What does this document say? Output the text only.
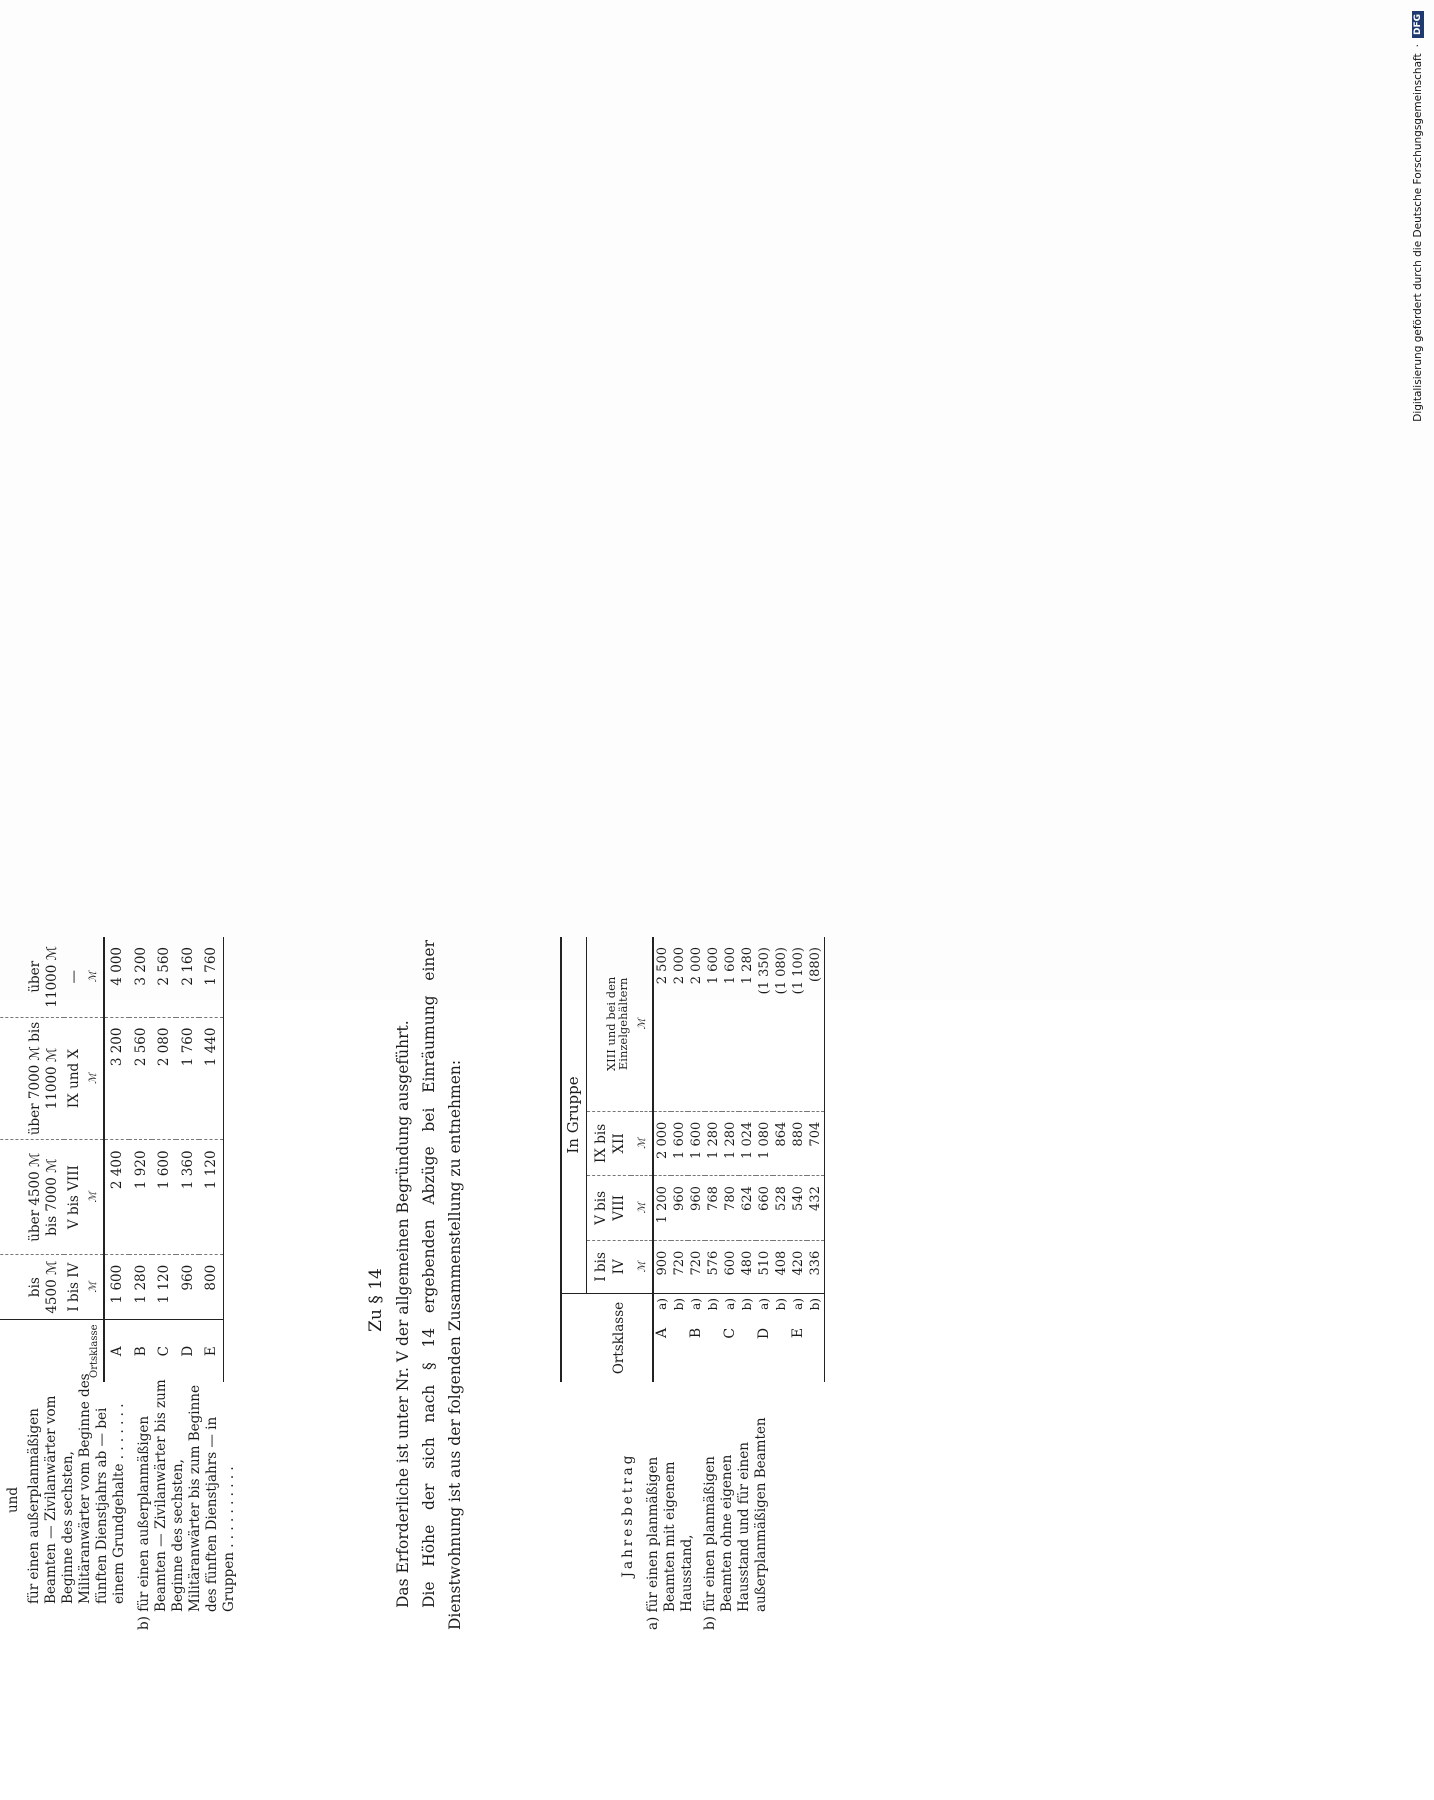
und für einen außerplanmäßigen Beamten — Zivilanwärter vom Beginne des sechsten, Militäranwärter vom Beginne des fünften Dienstjahrs ab — bei einem Grundgehalte . . . . . . .
b) für einen außerplanmäßigen Beamten — Zivilanwärter bis zum Beginne des sechsten, Militäranwärter bis zum Beginne des fünften Dienstjahrs — in Gruppen . . . . . . . . . .
	bis 4500 ℳ	über 4500 ℳ bis 7000 ℳ	über 7000 ℳ bis 11000 ℳ	über 11000 ℳ
Ortsklasse	I bis IV ℳ	V bis VIII ℳ	IX und X ℳ	— ℳ
A	1 600	2 400	3 200	4 000
B	1 280	1 920	2 560	3 200
C	1 120	1 600	2 080	2 560
D	960	1 360	1 760	2 160
E	800	1 120	1 440	1 760
Zu § 14 Das Erforderliche ist unter Nr. V der allgemeinen Begründung ausgeführt. Die Höhe der sich nach § 14 ergebenden Abzüge bei Einräumung einer Dienstwohnung ist aus der folgenden Zusammenstellung zu entnehmen:	Jahresbetrag
a) für einen planmäßigen Beamten mit eigenem Hausstand,
b) für einen planmäßigen Beamten ohne eigenen Hausstand und für einen außerplanmäßigen Beamten
Ortsklasse	In Gruppe			
	I bis IV	V bis VIII	IX bis XII	XIII und bei den Einzelgehältern
	ℳ	ℳ	ℳ	ℳ
Aa)	900	1 200	2 000	2 500
b)	720	960	1 600	2 000
Ba)	720	960	1 600	2 000
b)	576	768	1 280	1 600
Ca)	600	780	1 280	1 600
b)	480	624	1 024	1 280
Da)	510	660	1 080	(1 350)
b)	408	528	864	(1 080)
Ea)	420	540	880	(1 100)
b)	336	432	704	(880)
Digitalisierung gefördert durch die Deutsche Forschungsgemeinschaft
·
DFG
